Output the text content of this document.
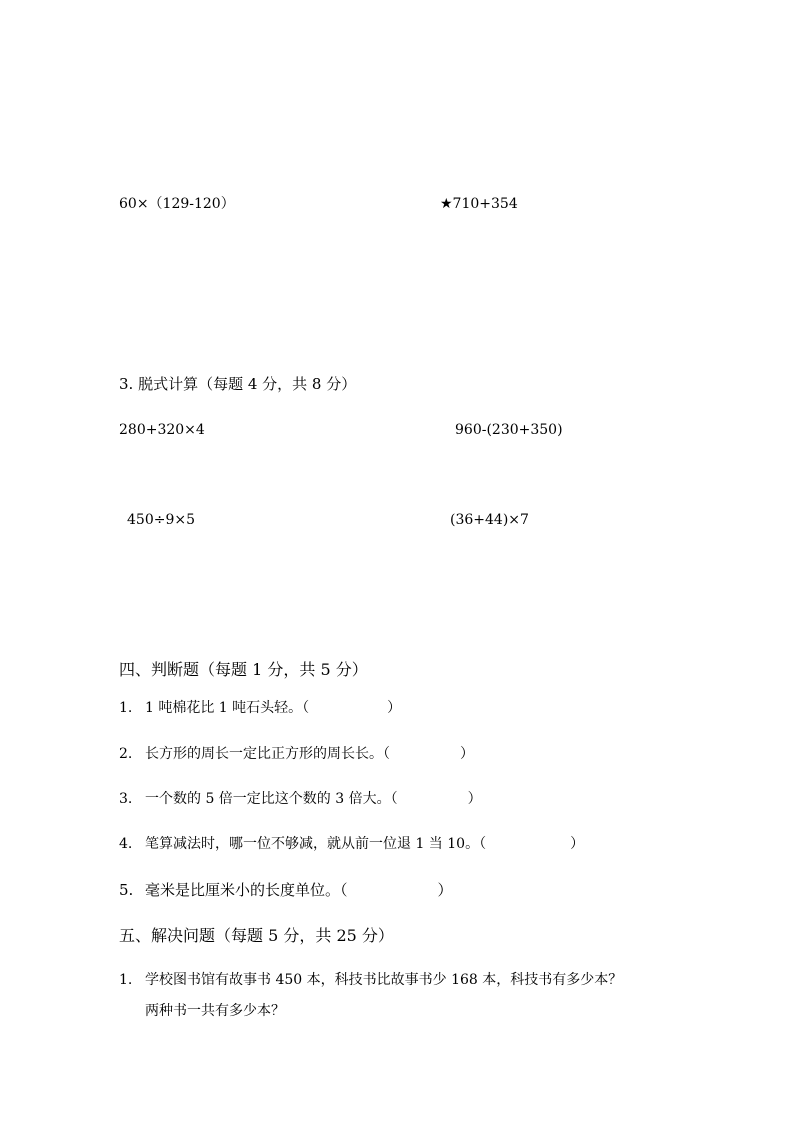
60×（129-120）	★710+354
3. 脱式计算（每题 4 分，共 8 分）
280+320×4	960-(230+350)
450÷9×5	(36+44)×7
四、判断题（每题 1 分，共 5 分）
1. 1 吨棉花比 1 吨石头轻。（	）
2. 长方形的周长一定比正方形的周长长。（	）
3. 一个数的 5 倍一定比这个数的 3 倍大。（	）
4. 笔算减法时，哪一位不够减，就从前一位退 1 当 10。（	）
5. 毫米是比厘米小的长度单位。（	）
五、解决问题（每题 5 分，共 25 分）
1. 学校图书馆有故事书 450 本，科技书比故事书少 168 本，科技书有多少本？
两种书一共有多少本？
